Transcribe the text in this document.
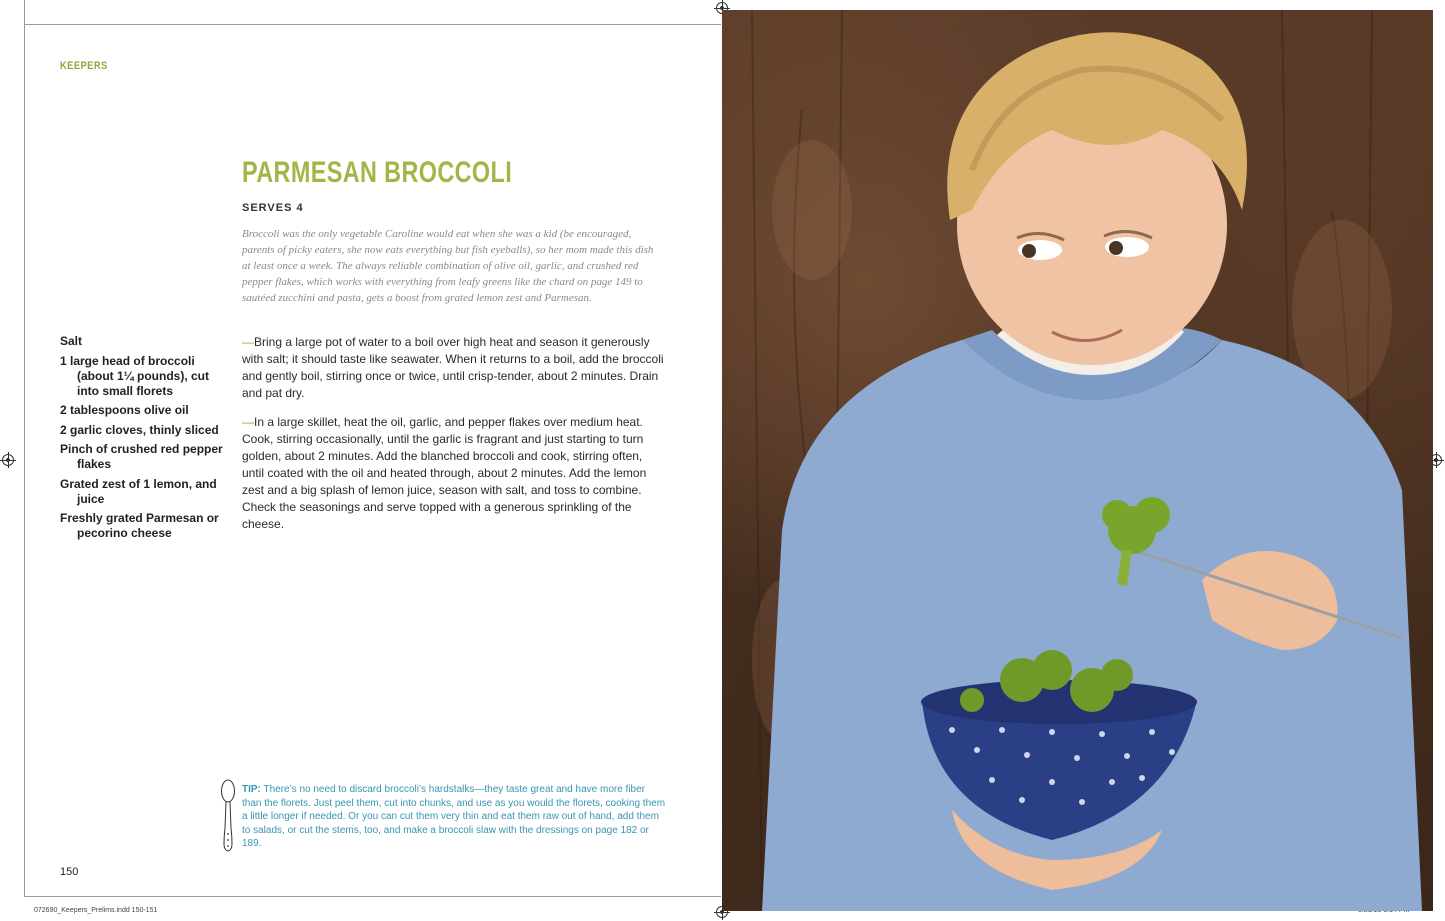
KEEPERS
PARMESAN BROCCOLI
SERVES 4
Broccoli was the only vegetable Caroline would eat when she was a kid (be encouraged, parents of picky eaters, she now eats everything but fish eyeballs), so her mom made this dish at least once a week. The always reliable combination of olive oil, garlic, and crushed red pepper flakes, which works with everything from leafy greens like the chard on page 149 to sautéed zucchini and pasta, gets a boost from grated lemon zest and Parmesan.
Salt
1 large head of broccoli (about 1¼ pounds), cut into small florets
2 tablespoons olive oil
2 garlic cloves, thinly sliced
Pinch of crushed red pepper flakes
Grated zest of 1 lemon, and juice
Freshly grated Parmesan or pecorino cheese

—Bring a large pot of water to a boil over high heat and season it generously with salt; it should taste like seawater. When it returns to a boil, add the broccoli and gently boil, stirring once or twice, until crisp-tender, about 2 minutes. Drain and pat dry.

—In a large skillet, heat the oil, garlic, and pepper flakes over medium heat. Cook, stirring occasionally, until the garlic is fragrant and just starting to turn golden, about 2 minutes. Add the blanched broccoli and cook, stirring often, until coated with the oil and heated through, about 2 minutes. Add the lemon zest and a big splash of lemon juice, season with salt, and toss to combine. Check the seasonings and serve topped with a generous sprinkling of the cheese.

TIP: There’s no need to discard broccoli’s hardstalks—they taste great and have more fiber than the florets. Just peel them, cut into chunks, and use as you would the florets, cooking them a little longer if needed. Or you can cut them very thin and eat them raw out of hand, add them to salads, or cut the stems, too, and make a broccoli slaw with the dressings on page 182 or 189.
150
072690_Keepers_Prelims.indd 150-151
